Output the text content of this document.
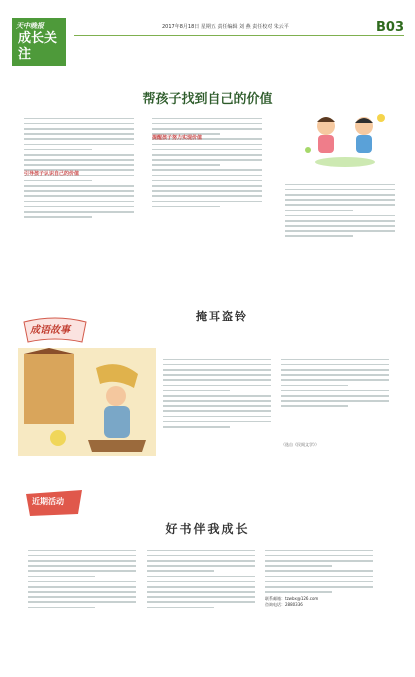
天中晚报
成长关注
2017年8月18日 星期五 责任编辑 刘 燕 责任校对 朱云平	B03
帮孩子找到自己的价值
引导孩子认识自己的价值
提醒孩子努力实现价值
成语故事
掩耳盗铃
（选自《民间文学》）
近期活动
好书伴我成长
联系邮箱：tzwbx@126.com
咨询电话：2880336
